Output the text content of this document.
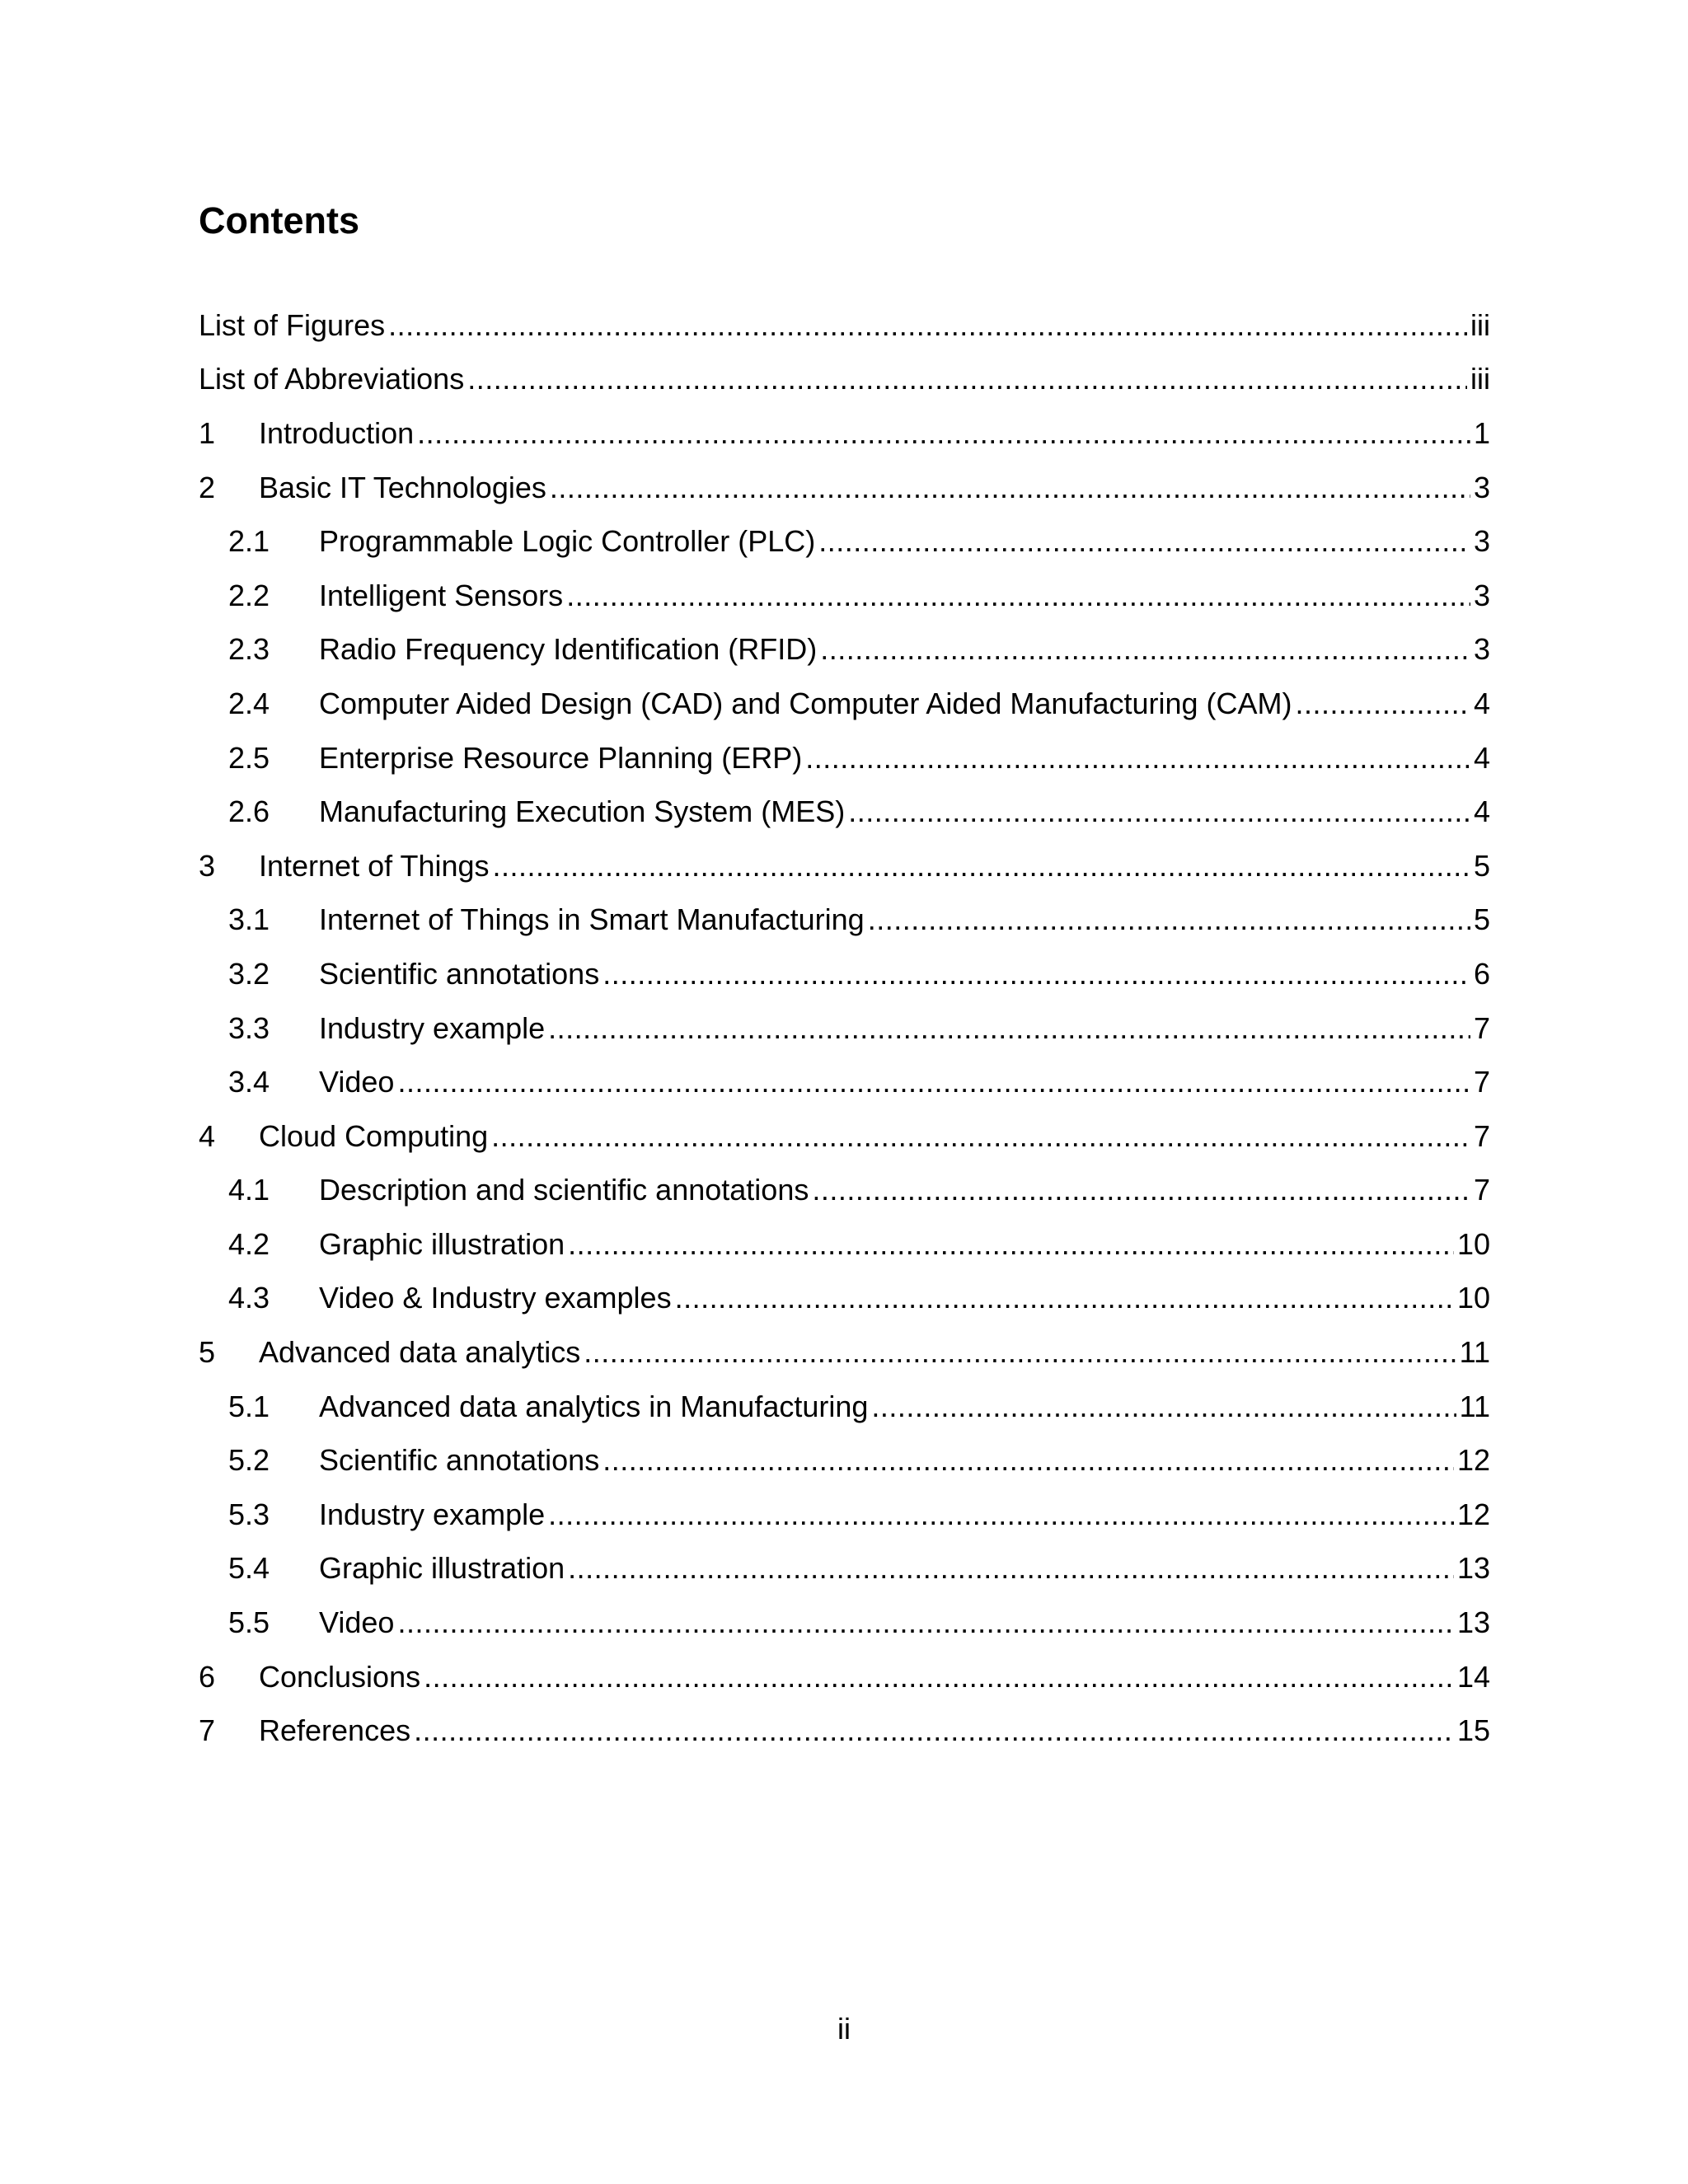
Contents
List of Figures .....	iii
List of Abbreviations .....	iii
1	Introduction .....	1
2	Basic IT Technologies .....	3
2.1	Programmable Logic Controller (PLC) .....	3
2.2	Intelligent Sensors .....	3
2.3	Radio Frequency Identification (RFID) .....	3
2.4	Computer Aided Design (CAD) and Computer Aided Manufacturing (CAM) .....	4
2.5	Enterprise Resource Planning (ERP) .....	4
2.6	Manufacturing Execution System (MES) .....	4
3	Internet of Things .....	5
3.1	Internet of Things in Smart Manufacturing .....	5
3.2	Scientific annotations .....	6
3.3	Industry example .....	7
3.4	Video .....	7
4	Cloud Computing .....	7
4.1	Description and scientific annotations .....	7
4.2	Graphic illustration .....	10
4.3	Video & Industry examples .....	10
5	Advanced data analytics .....	11
5.1	Advanced data analytics in Manufacturing .....	11
5.2	Scientific annotations .....	12
5.3	Industry example .....	12
5.4	Graphic illustration .....	13
5.5	Video .....	13
6	Conclusions .....	14
7	References .....	15
ii
